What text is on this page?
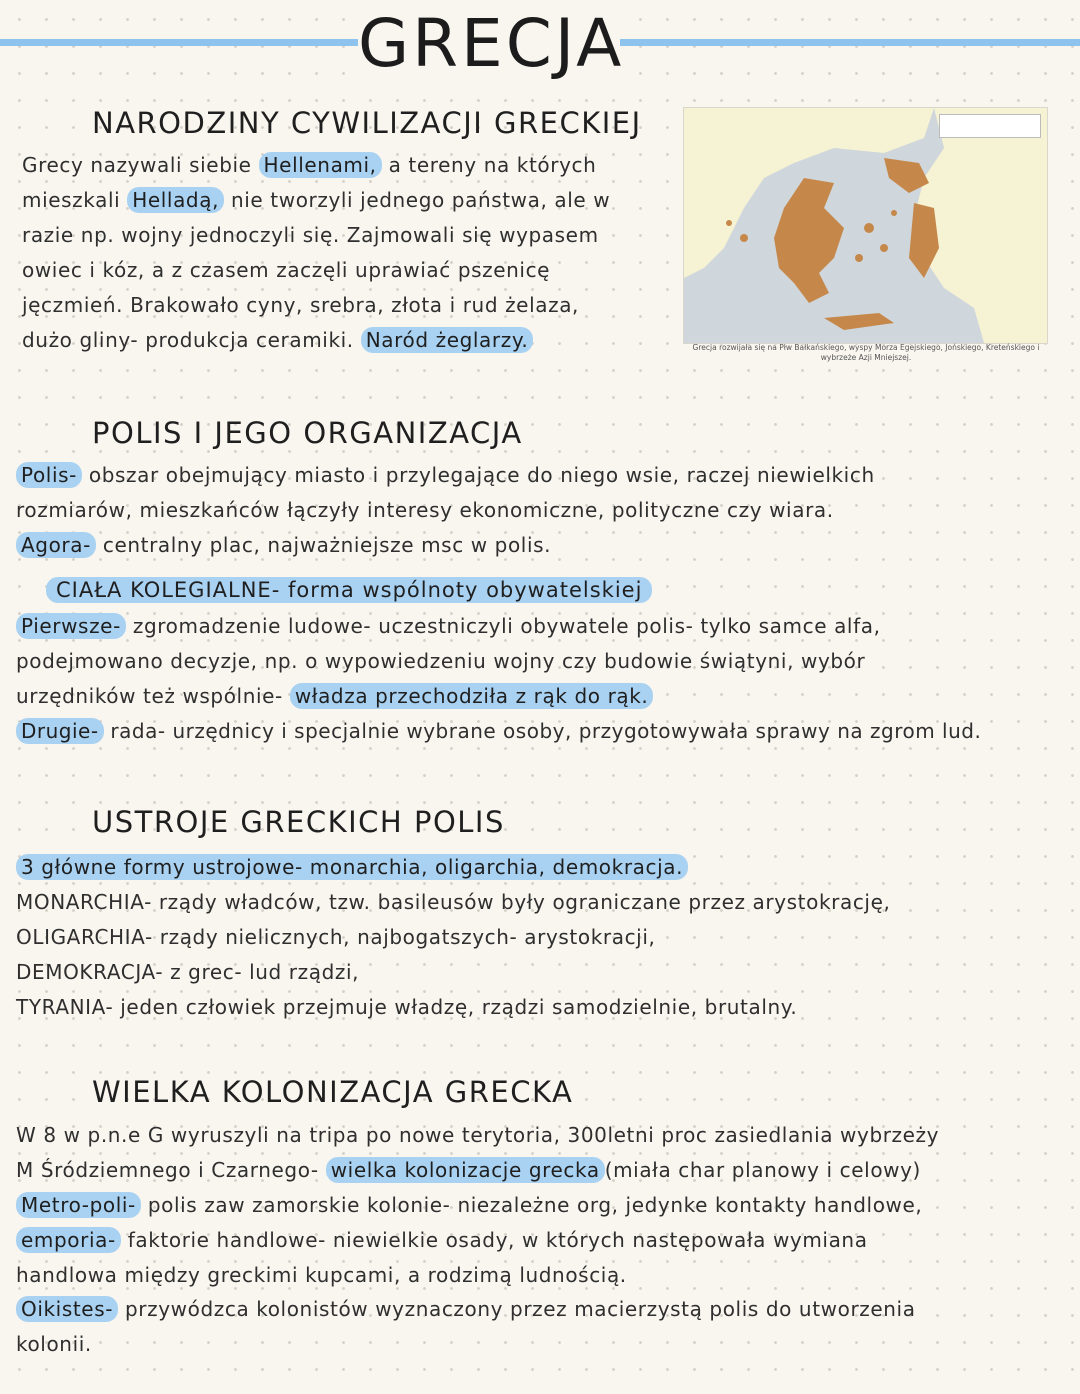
GRECJA
NARODZINY CYWILIZACJI GRECKIEJ

Grecy nazywali siebie Hellenami, a tereny na których

mieszkali Helladą, nie tworzyli jednego państwa, ale w

razie np. wojny jednoczyli się. Zajmowali się wypasem

owiec i kóz, a z czasem zaczęli uprawiać pszenicę

jęczmień. Brakowało cyny, srebra, złota i rud żelaza,

dużo gliny- produkcja ceramiki. Naród żeglarzy.	Grecja rozwijała się na Płw Bałkańskiego, wyspy Morza Egejskiego, Jońskiego, Kreteńskiego i wybrzeże Azji Mniejszej.

POLIS I JEGO ORGANIZACJA

Polis- obszar obejmujący miasto i przylegające do niego wsie, raczej niewielkich

rozmiarów, mieszkańców łączyły interesy ekonomiczne, polityczne czy wiara.

Agora- centralny plac, najważniejsze msc w polis.

CIAŁA KOLEGIALNE- forma wspólnoty obywatelskiej

Pierwsze- zgromadzenie ludowe- uczestniczyli obywatele polis- tylko samce alfa,

podejmowano decyzje, np. o wypowiedzeniu wojny czy budowie świątyni, wybór

urzędników też wspólnie- władza przechodziła z rąk do rąk.

Drugie- rada- urzędnicy i specjalnie wybrane osoby, przygotowywała sprawy na zgrom lud.

USTROJE GRECKICH POLIS

3 główne formy ustrojowe- monarchia, oligarchia, demokracja.

MONARCHIA- rządy władców, tzw. basileusów były ograniczane przez arystokrację,

OLIGARCHIA- rządy nielicznych, najbogatszych- arystokracji,

DEMOKRACJA- z grec- lud rządzi,

TYRANIA- jeden człowiek przejmuje władzę, rządzi samodzielnie, brutalny.

WIELKA KOLONIZACJA GRECKA

W 8 w p.n.e G wyruszyli na tripa po nowe terytoria, 300letni proc zasiedlania wybrzeży

M Śródziemnego i Czarnego- wielka kolonizacje grecka (miała char planowy i celowy)

Metro-poli- polis zaw zamorskie kolonie- niezależne org, jedynke kontakty handlowe,

emporia- faktorie handlowe- niewielkie osady, w których następowała wymiana

handlowa między greckimi kupcami, a rodzimą ludnością.

Oikistes- przywódzca kolonistów wyznaczony przez macierzystą polis do utworzenia

kolonii.
